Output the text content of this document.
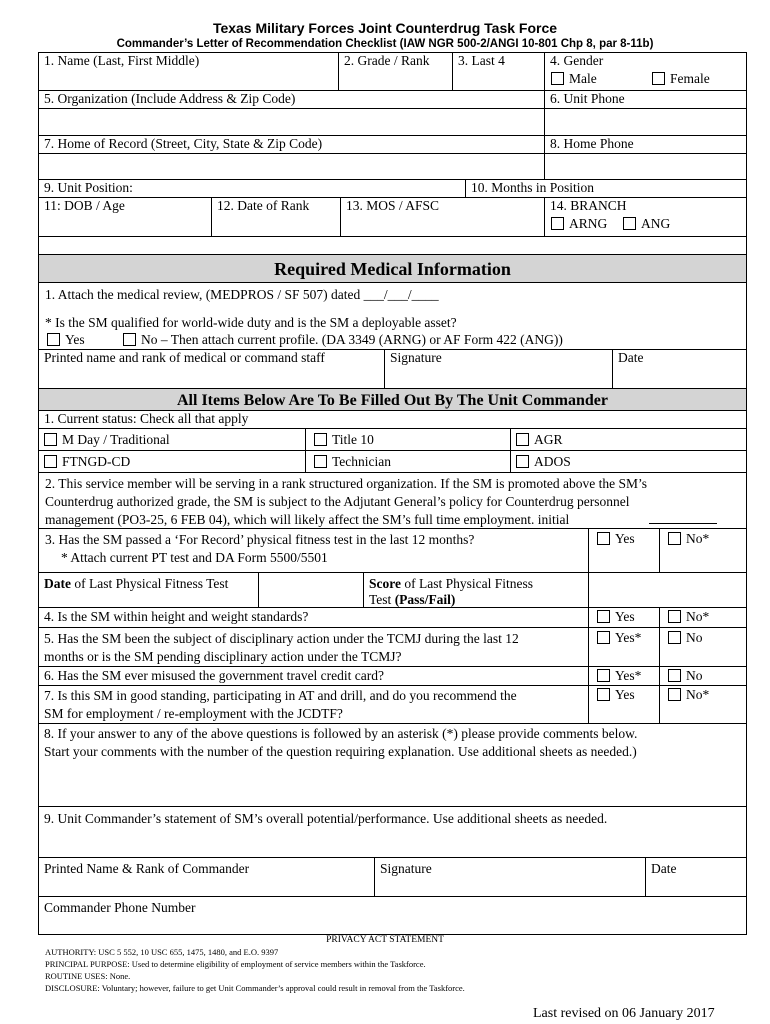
Texas Military Forces Joint Counterdrug Task Force
Commander’s Letter of Recommendation Checklist (IAW NGR 500-2/ANGI 10-801 Chp 8, par 8-11b)
1. Name (Last, First Middle)	2. Grade / Rank	3. Last 4	4. Gender
Male	Female
5. Organization (Include Address & Zip Code)	6. Unit Phone
7. Home of Record (Street, City, State & Zip Code)	8. Home Phone
9. Unit Position:	10. Months in Position
11: DOB / Age	12. Date of Rank	13. MOS / AFSC	14. BRANCH
ARNG	ANG
Required Medical Information
1. Attach the medical review, (MEDPROS / SF 507) dated ___/___/____
* Is the SM qualified for world-wide duty and is the SM a deployable asset?
Yes	No – Then attach current profile. (DA 3349 (ARNG) or AF Form 422 (ANG))
Printed name and rank of medical or command staff	Signature	Date
All Items Below Are To Be Filled Out By The Unit Commander
1. Current status: Check all that apply
M Day / Traditional	Title 10	AGR
FTNGD-CD	Technician	ADOS
2. This service member will be serving in a rank structured organization. If the SM is promoted above the SM’s
Counterdrug authorized grade, the SM is subject to the Adjutant General’s policy for Counterdrug personnel
management (PO3-25, 6 FEB 04), which will likely affect the SM’s full time employment. initial
3. Has the SM passed a ‘For Record’ physical fitness test in the last 12 months?
* Attach current PT test and DA Form 5500/5501
Yes	No*
Date of Last Physical Fitness Test	Score of Last Physical Fitness
Test (Pass/Fail)
4. Is the SM within height and weight standards?	Yes	No*
5. Has the SM been the subject of disciplinary action under the TCMJ during the last 12
months or is the SM pending disciplinary action under the TCMJ?
Yes*	No
6. Has the SM ever misused the government travel credit card?	Yes*	No
7. Is this SM in good standing, participating in AT and drill, and do you recommend the
SM for employment / re-employment with the JCDTF?
Yes	No*
8. If your answer to any of the above questions is followed by an asterisk (*) please provide comments below.
Start your comments with the number of the question requiring explanation. Use additional sheets as needed.)
9. Unit Commander’s statement of SM’s overall potential/performance. Use additional sheets as needed.
Printed Name & Rank of Commander	Signature	Date
Commander Phone Number
PRIVACY ACT STATEMENT
AUTHORITY: USC 5 552, 10 USC 655, 1475, 1480, and E.O. 9397
PRINCIPAL PURPOSE: Used to determine eligibility of employment of service members within the Taskforce.
ROUTINE USES: None.
DISCLOSURE: Voluntary; however, failure to get Unit Commander’s approval could result in removal from the Taskforce.
Last revised on 06 January 2017
